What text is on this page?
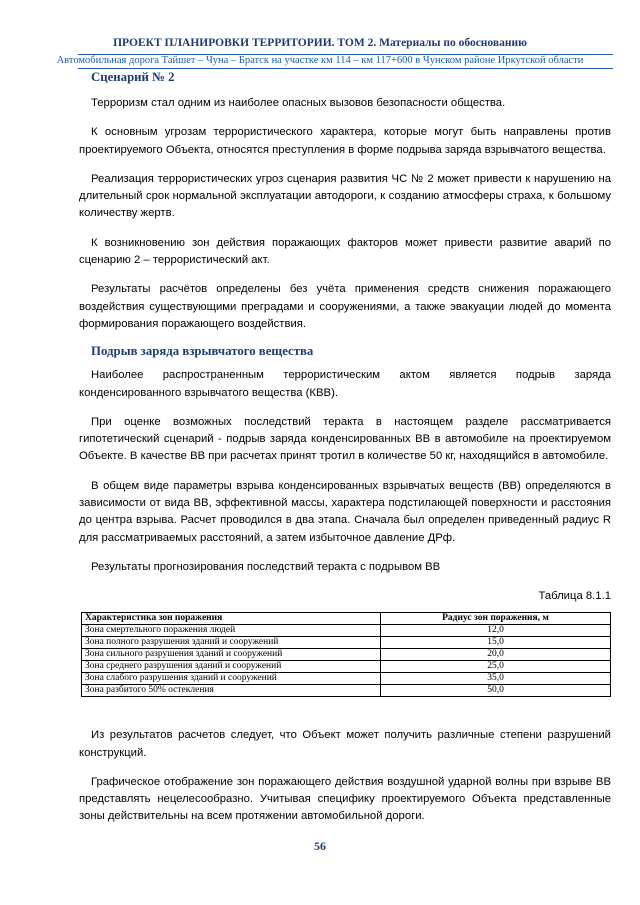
ПРОЕКТ ПЛАНИРОВКИ ТЕРРИТОРИИ. ТОМ 2. Материалы по обоснованию
Автомобильная дорога Тайшет – Чуна – Братск на участке км 114 – км 117+600 в Чунском районе Иркутской области
Сценарий № 2

Терроризм стал одним из наиболее опасных вызовов безопасности общества.

К основным угрозам террористического характера, которые могут быть направлены против проектируемого Объекта, относятся преступления в форме подрыва заряда взрывчатого вещества.

Реализация террористических угроз сценария развития ЧС № 2 может привести к нарушению на длительный срок нормальной эксплуатации автодороги, к созданию атмосферы страха, к большому количеству жертв.

К возникновению зон действия поражающих факторов может привести развитие аварий по сценарию 2 – террористический акт.

Результаты расчётов определены без учёта применения средств снижения поражающего воздействия существующими преградами и сооружениями, а также эвакуации людей до момента формирования поражающего воздействия.

Подрыв заряда взрывчатого вещества

Наиболее распространенным террористическим актом является подрыв заряда конденсированного взрывчатого вещества (КВВ).

При оценке возможных последствий теракта в настоящем разделе рассматривается гипотетический сценарий - подрыв заряда конденсированных ВВ в автомобиле на проектируемом Объекте. В качестве ВВ при расчетах принят тротил в количестве 50 кг, находящийся в автомобиле.

В общем виде параметры взрыва конденсированных взрывчатых веществ (ВВ) определяются в зависимости от вида ВВ, эффективной массы, характера подстилающей поверхности и расстояния до центра взрыва. Расчет проводился в два этапа. Сначала был определен приведенный радиус R для рассматриваемых расстояний, а затем избыточное давление ДРф.

Результаты прогнозирования последствий теракта с подрывом ВВ

Таблица 8.1.1
Характеристика зон поражения	Радиус зон поражения, м
Зона смертельного поражения людей	12,0
Зона полного разрушения зданий и сооружений	15,0
Зона сильного разрушения зданий и сооружений	20,0
Зона среднего разрушения зданий и сооружений	25,0
Зона слабого разрушения зданий и сооружений	35,0
Зона разбитого 50% остекления	50,0

Из результатов расчетов следует, что Объект может получить различные степени разрушений конструкций.

Графическое отображение зон поражающего действия воздушной ударной волны при взрыве ВВ представлять нецелесообразно. Учитывая специфику проектируемого Объекта представленные зоны действительны на всем протяжении автомобильной дороги.

56
